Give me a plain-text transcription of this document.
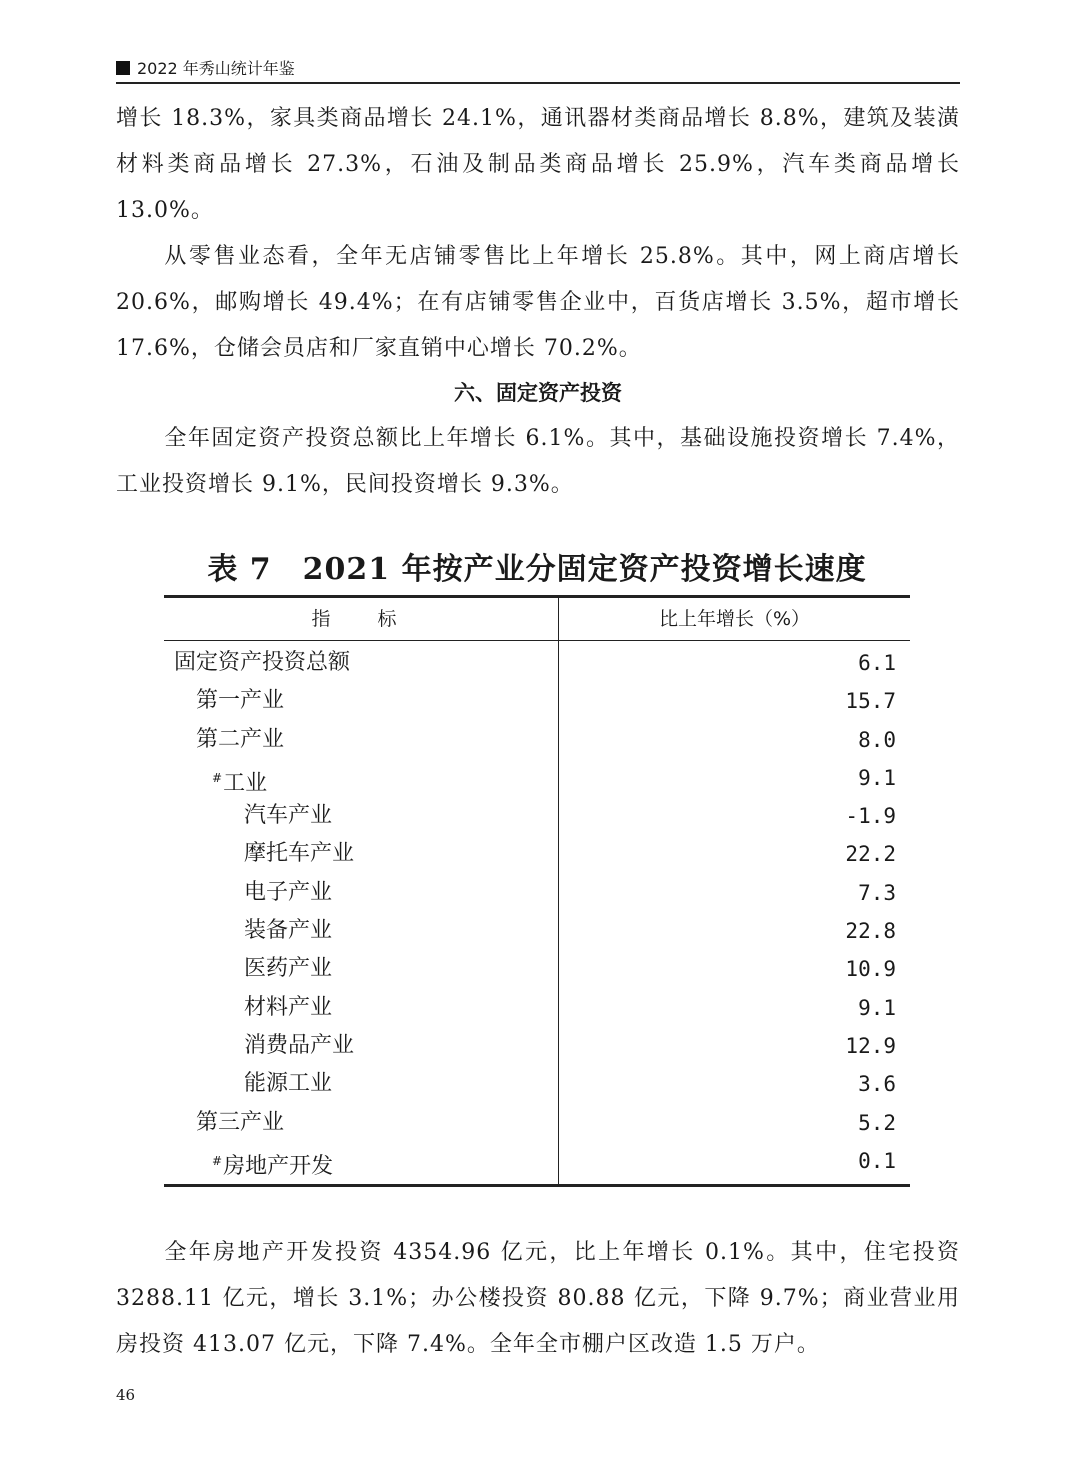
2022 年秀山统计年鉴

增长 18.3%，家具类商品增长 24.1%，通讯器材类商品增长 8.8%，建筑及装潢材料类商品增长 27.3%，石油及制品类商品增长 25.9%，汽车类商品增长 13.0%。

从零售业态看，全年无店铺零售比上年增长 25.8%。其中，网上商店增长 20.6%，邮购增长 49.4%；在有店铺零售企业中，百货店增长 3.5%，超市增长 17.6%，仓储会员店和厂家直销中心增长 70.2%。

六、固定资产投资

全年固定资产投资总额比上年增长 6.1%。其中，基础设施投资增长 7.4%，工业投资增长 9.1%，民间投资增长 9.3%。

表 7　2021 年按产业分固定资产投资增长速度
指　标	比上年增长（%）
固定资产投资总额
第一产业
第二产业
#工业
汽车产业
摩托车产业
电子产业
装备产业
医药产业
材料产业
消费品产业
能源工业
第三产业
#房地产开发
6.1
15.7
8.0
9.1
-1.9
22.2
7.3
22.8
10.9
9.1
12.9
3.6
5.2
0.1

全年房地产开发投资 4354.96 亿元，比上年增长 0.1%。其中，住宅投资 3288.11 亿元，增长 3.1%；办公楼投资 80.88 亿元，下降 9.7%；商业营业用房投资 413.07 亿元，下降 7.4%。全年全市棚户区改造 1.5 万户。

46
